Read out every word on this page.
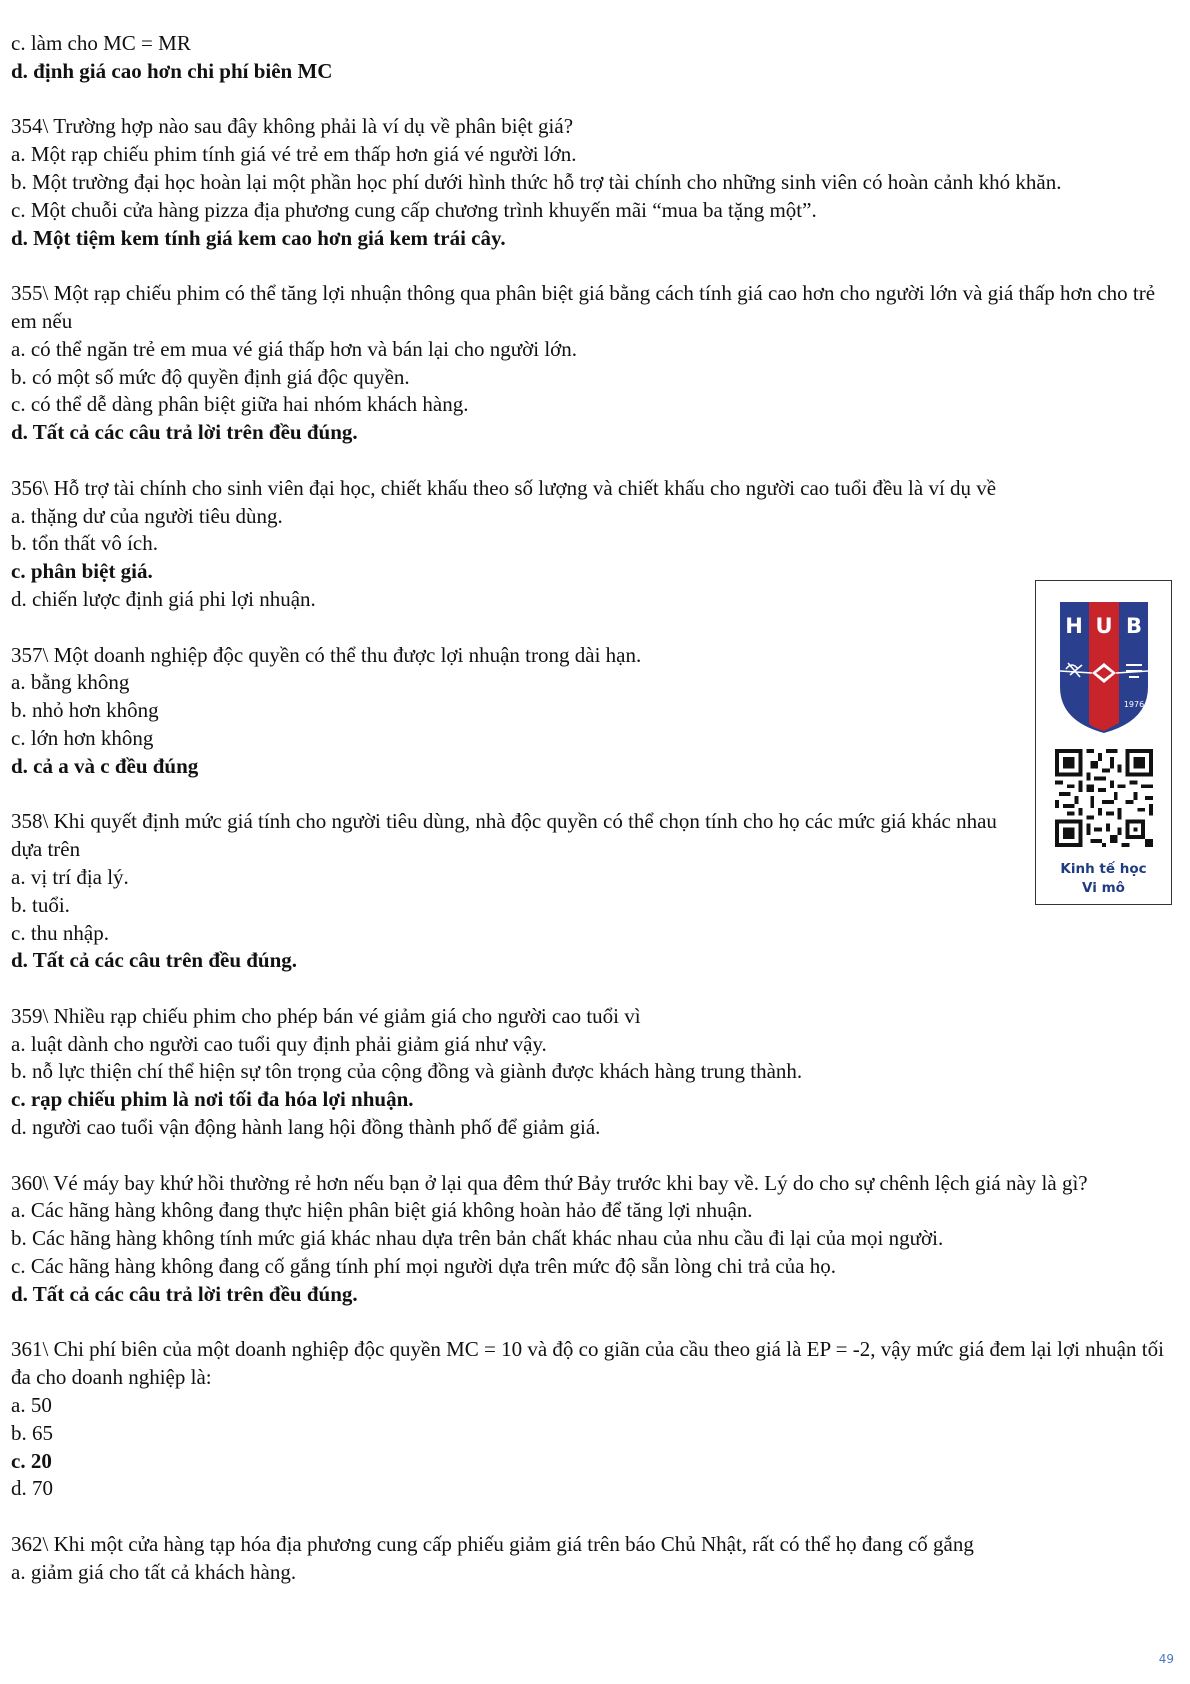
c. làm cho MC = MR
d. định giá cao hơn chi phí biên MC
354\ Trường hợp nào sau đây không phải là ví dụ về phân biệt giá?
a. Một rạp chiếu phim tính giá vé trẻ em thấp hơn giá vé người lớn.
b. Một trường đại học hoàn lại một phần học phí dưới hình thức hỗ trợ tài chính cho những sinh viên có hoàn cảnh khó khăn.
c. Một chuỗi cửa hàng pizza địa phương cung cấp chương trình khuyến mãi “mua ba tặng một”.
d. Một tiệm kem tính giá kem cao hơn giá kem trái cây.
355\ Một rạp chiếu phim có thể tăng lợi nhuận thông qua phân biệt giá bằng cách tính giá cao hơn cho người lớn và giá thấp hơn cho trẻ em nếu
a. có thể ngăn trẻ em mua vé giá thấp hơn và bán lại cho người lớn.
b. có một số mức độ quyền định giá độc quyền.
c. có thể dễ dàng phân biệt giữa hai nhóm khách hàng.
d. Tất cả các câu trả lời trên đều đúng.
356\ Hỗ trợ tài chính cho sinh viên đại học, chiết khấu theo số lượng và chiết khấu cho người cao tuổi đều là ví dụ về
a. thặng dư của người tiêu dùng.
b. tổn thất vô ích.
c. phân biệt giá.
d. chiến lược định giá phi lợi nhuận.
357\ Một doanh nghiệp độc quyền có thể thu được lợi nhuận trong dài hạn.
a. bằng không
b. nhỏ hơn không
c. lớn hơn không
d. cả a và c đều đúng
358\ Khi quyết định mức giá tính cho người tiêu dùng, nhà độc quyền có thể chọn tính cho họ các mức giá khác nhau dựa trên
a. vị trí địa lý.
b. tuổi.
c. thu nhập.
d. Tất cả các câu trên đều đúng.
359\ Nhiều rạp chiếu phim cho phép bán vé giảm giá cho người cao tuổi vì
a. luật dành cho người cao tuổi quy định phải giảm giá như vậy.
b. nỗ lực thiện chí thể hiện sự tôn trọng của cộng đồng và giành được khách hàng trung thành.
c. rạp chiếu phim là nơi tối đa hóa lợi nhuận.
d. người cao tuổi vận động hành lang hội đồng thành phố để giảm giá.
360\ Vé máy bay khứ hồi thường rẻ hơn nếu bạn ở lại qua đêm thứ Bảy trước khi bay về. Lý do cho sự chênh lệch giá này là gì?
a. Các hãng hàng không đang thực hiện phân biệt giá không hoàn hảo để tăng lợi nhuận.
b. Các hãng hàng không tính mức giá khác nhau dựa trên bản chất khác nhau của nhu cầu đi lại của mọi người.
c. Các hãng hàng không đang cố gắng tính phí mọi người dựa trên mức độ sẵn lòng chi trả của họ.
d. Tất cả các câu trả lời trên đều đúng.
361\ Chi phí biên của một doanh nghiệp độc quyền MC = 10 và độ co giãn của cầu theo giá là EP = -2, vậy mức giá đem lại lợi nhuận tối đa cho doanh nghiệp là:
a. 50
b. 65
c. 20
d. 70
362\ Khi một cửa hàng tạp hóa địa phương cung cấp phiếu giảm giá trên báo Chủ Nhật, rất có thể họ đang cố gắng
a. giảm giá cho tất cả khách hàng.
H U B
1976
Kinh tế học
Vi mô
49
